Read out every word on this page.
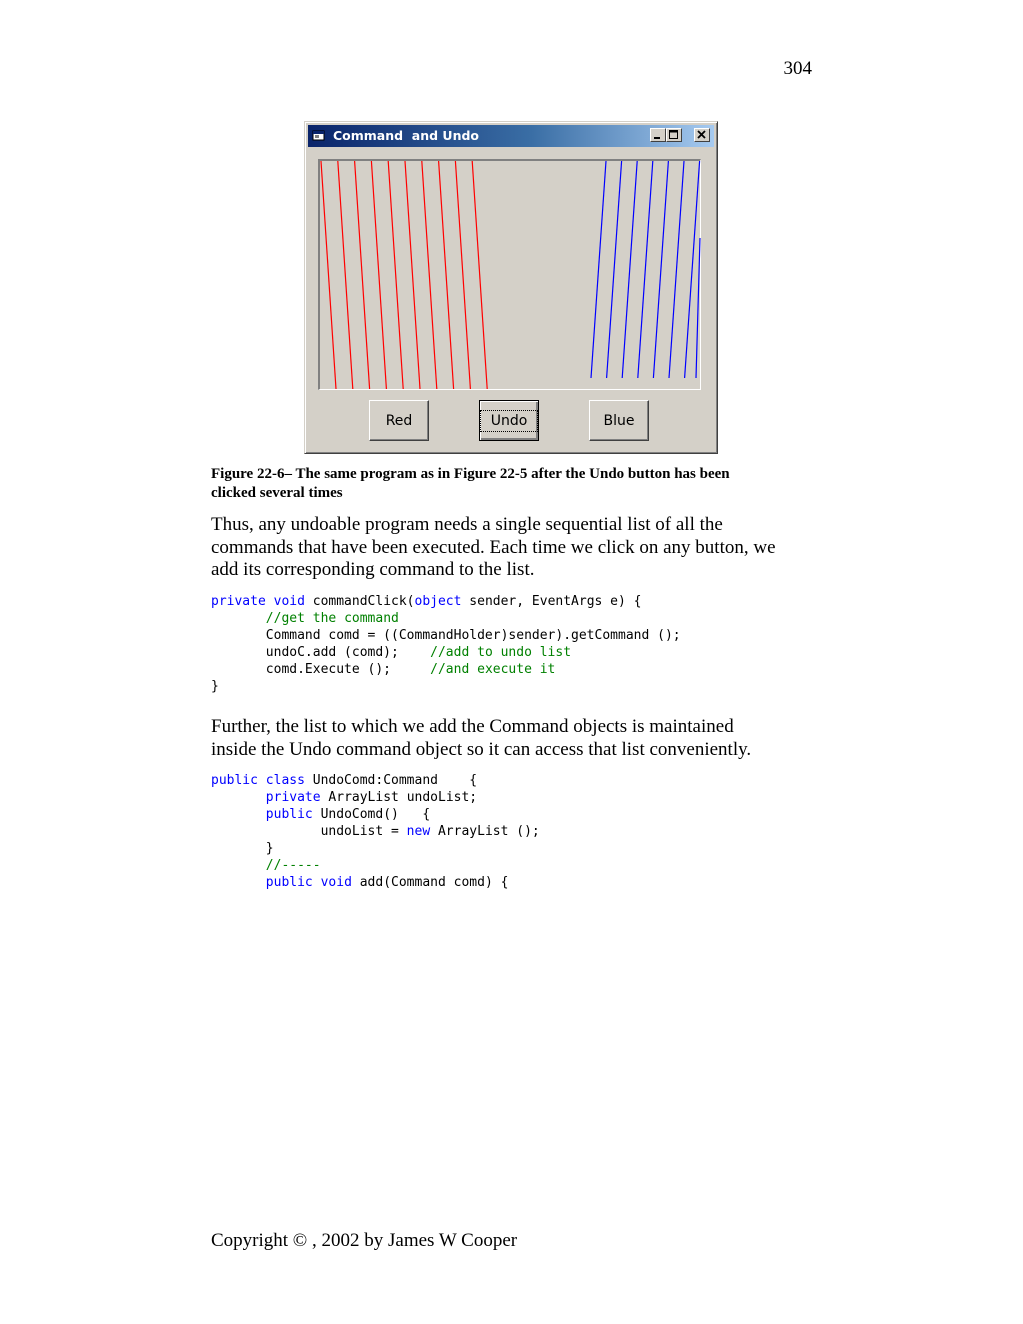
304
Command  and Undo
Red	Undo	Blue
Figure 22-6– The same program as in Figure 22-5 after the Undo button has been
clicked several times
Thus, any undoable program needs a single sequential list of all the
commands that have been executed. Each time we click on any button, we
add its corresponding command to the list.
private void commandClick(object sender, EventArgs e) {
//get the command
Command comd = ((CommandHolder)sender).getCommand ();
undoC.add (comd);    //add to undo list
comd.Execute ();     //and execute it
}
Further, the list to which we add the Command objects is maintained
inside the Undo command object so it can access that list conveniently.
public class UndoComd:Command    {
private ArrayList undoList;
public UndoComd()   {
undoList = new ArrayList ();
}
//-----
public void add(Command comd) {
Copyright © , 2002 by James W Cooper
